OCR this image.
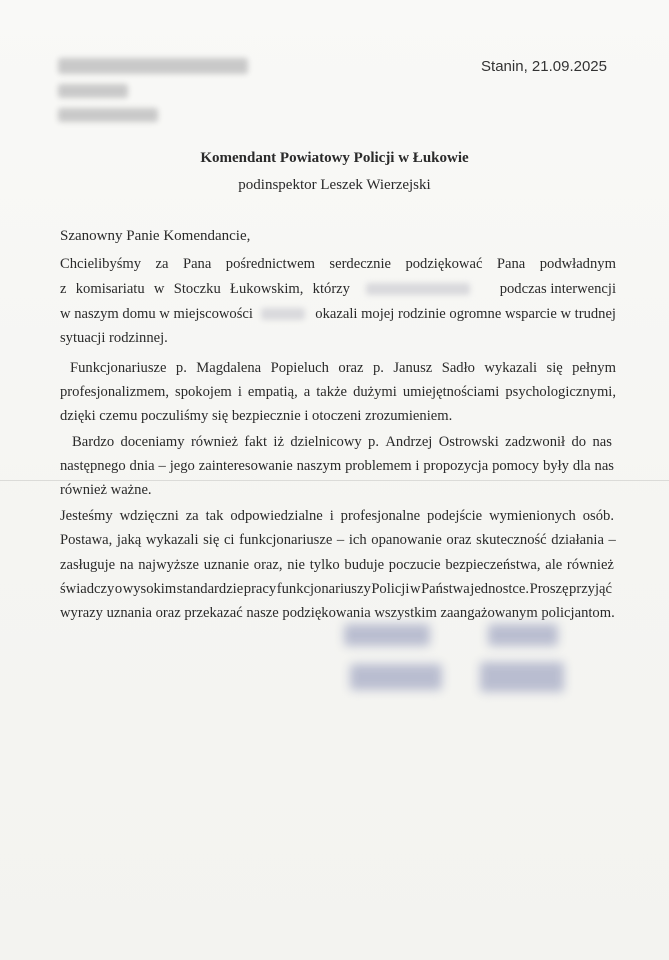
Stanin, 21.09.2025
Komendant Powiatowy Policji w Łukowie
podinspektor Leszek Wierzejski
Szanowny Panie Komendancie,
Chcielibyśmy za Pana pośrednictwem serdecznie podziękować Pana podwładnym
z komisariatu w Stoczku Łukowskim, którzy	podczas interwencji
w naszym domu w miejscowości	okazali mojej rodzinie ogromne wsparcie w trudnej
sytuacji rodzinnej.
Funkcjonariusze p. Magdalena Popieluch oraz p. Janusz Sadło wykazali się pełnym
profesjonalizmem, spokojem i empatią, a także dużymi umiejętnościami psychologicznymi,
dzięki czemu poczuliśmy się bezpiecznie i otoczeni zrozumieniem.
Bardzo doceniamy również fakt iż dzielnicowy p. Andrzej Ostrowski zadzwonił do nas
następnego dnia – jego zainteresowanie naszym problemem i propozycja pomocy były dla nas
również ważne.
Jesteśmy wdzięczni za tak odpowiedzialne i profesjonalne podejście wymienionych osób.
Postawa, jaką wykazali się ci funkcjonariusze – ich opanowanie oraz skuteczność działania –
zasługuje na najwyższe uznanie oraz, nie tylko buduje poczucie bezpieczeństwa, ale również
świadczy o wysokim standardzie pracy funkcjonariuszy Policji w Państwa jednostce. Proszę przyjąć
wyrazy uznania oraz przekazać nasze podziękowania wszystkim zaangażowanym policjantom.
